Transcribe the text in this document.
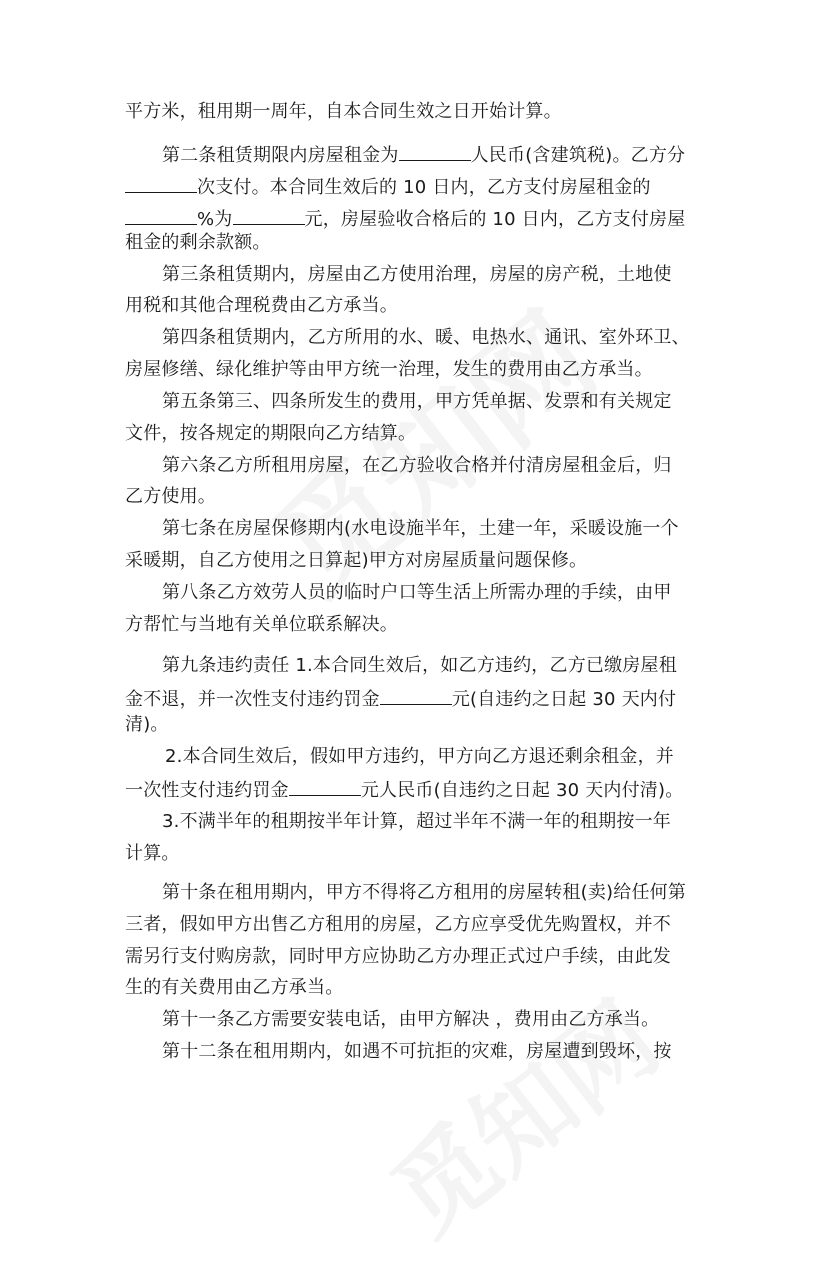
平方米，租用期一周年，自本合同生效之日开始计算。
第二条租赁期限内房屋租金为	人民币(含建筑税)。乙方分
次支付。本合同生效后的 10 日内，乙方支付房屋租金的
%为	元，房屋验收合格后的 10 日内，乙方支付房屋
租金的剩余款额。
第三条租赁期内，房屋由乙方使用治理，房屋的房产税，土地使
用税和其他合理税费由乙方承当。
第四条租赁期内，乙方所用的水、暖、电热水、通讯、室外环卫、
房屋修缮、绿化维护等由甲方统一治理，发生的费用由乙方承当。
第五条第三、四条所发生的费用，甲方凭单据、发票和有关规定
文件，按各规定的期限向乙方结算。
第六条乙方所租用房屋，在乙方验收合格并付清房屋租金后，归
乙方使用。
第七条在房屋保修期内(水电设施半年，土建一年，采暖设施一个
采暖期，自乙方使用之日算起)甲方对房屋质量问题保修。
第八条乙方效劳人员的临时户口等生活上所需办理的手续，由甲
方帮忙与当地有关单位联系解决。
第九条违约责任 1.本合同生效后，如乙方违约，乙方已缴房屋租
金不退，并一次性支付违约罚金	元(自违约之日起 30 天内付
清)。
2.本合同生效后，假如甲方违约，甲方向乙方退还剩余租金，并
一次性支付违约罚金	元人民币(自违约之日起 30 天内付清)。
3.不满半年的租期按半年计算，超过半年不满一年的租期按一年
计算。
第十条在租用期内，甲方不得将乙方租用的房屋转租(卖)给任何第
三者，假如甲方出售乙方租用的房屋，乙方应享受优先购置权，并不
需另行支付购房款，同时甲方应协助乙方办理正式过户手续，由此发
生的有关费用由乙方承当。
第十一条乙方需要安装电话，由甲方解决 ，费用由乙方承当。
第十二条在租用期内，如遇不可抗拒的灾难，房屋遭到毁坏，按
